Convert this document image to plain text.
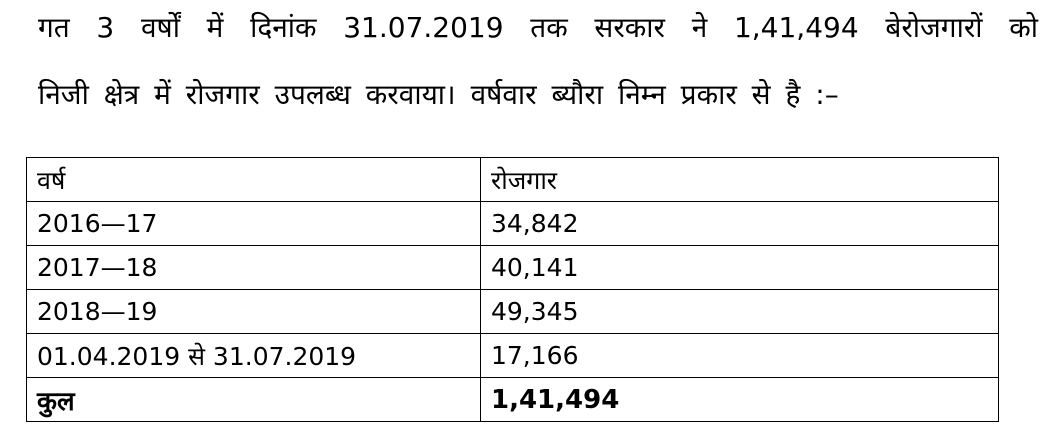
गत 3 वर्षों में दिनांक 31.07.2019 तक सरकार ने 1,41,494 बेरोजगारों को
निजी क्षेत्र में रोजगार उपलब्ध करवाया। वर्षवार ब्यौरा निम्न प्रकार से है :–
वर्ष	रोजगार
2016—17	34,842
2017—18	40,141
2018—19	49,345
01.04.2019 से 31.07.2019	17,166
कुल	1,41,494
